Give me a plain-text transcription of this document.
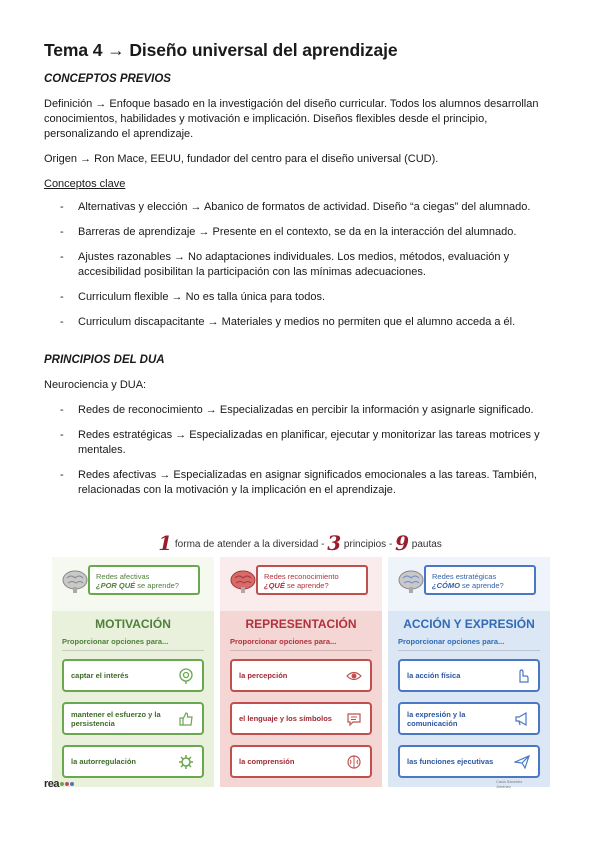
Tema 4 → Diseño universal del aprendizaje
CONCEPTOS PREVIOS

Definición → Enfoque basado en la investigación del diseño curricular. Todos los alumnos desarrollan conocimientos, habilidades y motivación e implicación. Diseños flexibles desde el principio, personalizando el aprendizaje.

Origen → Ron Mace, EEUU, fundador del centro para el diseño universal (CUD).

Conceptos clave

- Alternativas y elección → Abanico de formatos de actividad. Diseño “a ciegas” del alumnado.
- Barreras de aprendizaje → Presente en el contexto, se da en la interacción del alumnado.
- Ajustes razonables → No adaptaciones individuales. Los medios, métodos, evaluación y accesibilidad posibilitan la participación con las mínimas adecuaciones.
- Curriculum flexible → No es talla única para todos.
- Curriculum discapacitante → Materiales y medios no permiten que el alumno acceda a él.
PRINCIPIOS DEL DUA

Neurociencia y DUA:

- Redes de reconocimiento → Especializadas en percibir la información y asignarle significado.
- Redes estratégicas → Especializadas en planificar, ejecutar y monitorizar las tareas motrices y mentales.
- Redes afectivas → Especializadas en asignar significados emocionales a las tareas. También, relacionadas con la motivación y la implicación en el aprendizaje.
1 forma de atender a la diversidad - 3 principios - 9 pautas
Redes afectivas
¿POR QUÉ se aprende?
MOTIVACIÓN
Proporcionar opciones para...
captar el interés
mantener el esfuerzo y la persistencia
la autorregulación
Redes reconocimiento
¿QUÉ se aprende?
REPRESENTACIÓN
Proporcionar opciones para...
la percepción
el lenguaje y los símbolos
la comprensión
Redes estratégicas
¿CÓMO se aprende?
ACCIÓN Y EXPRESIÓN
Proporcionar opciones para...
la acción física
la expresión y la comunicación
las funciones ejecutivas
rea	Carla Sánchez Jiménez
